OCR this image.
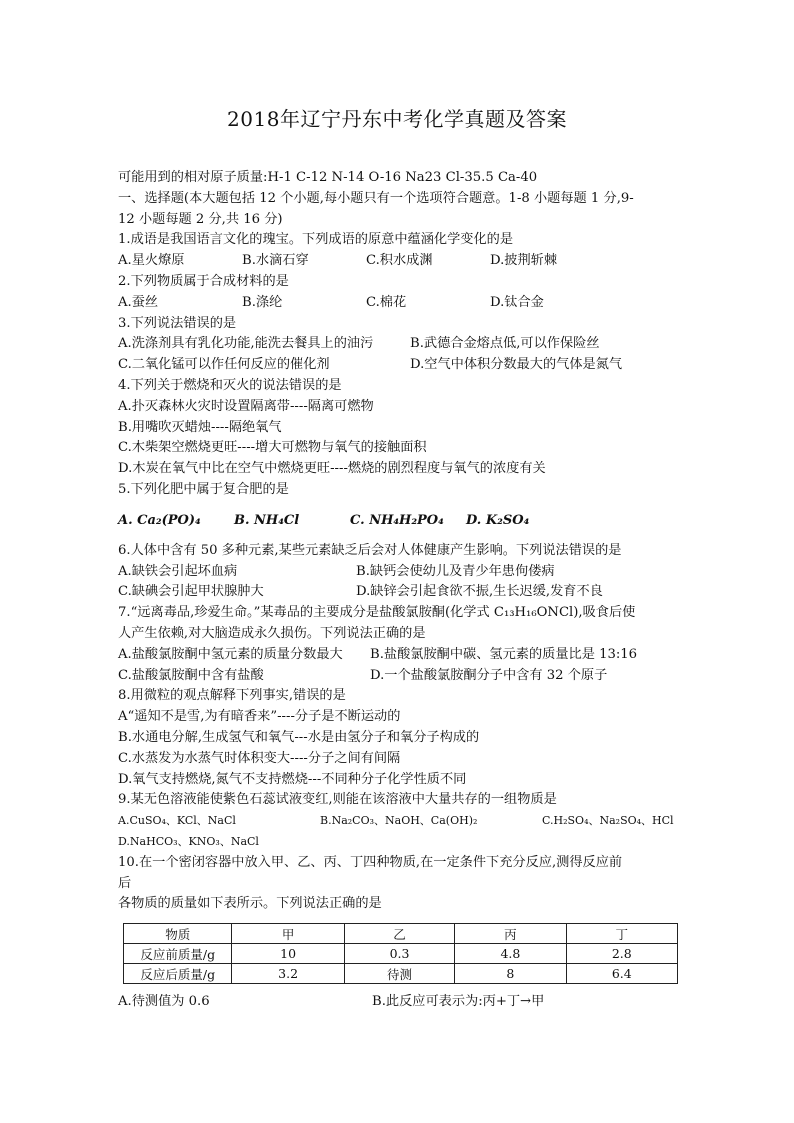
2018年辽宁丹东中考化学真题及答案
可能用到的相对原子质量:H-1 C-12 N-14 O-16 Na23 Cl-35.5 Ca-40
一、选择题(本大题包括 12 个小题,每小题只有一个选项符合题意。1-8 小题每题 1 分,9-
12 小题每题 2 分,共 16 分)
1.成语是我国语言文化的瑰宝。下列成语的原意中蕴涵化学变化的是
A.星火燎原	B.水滴石穿	C.积水成渊	D.披荆斩棘
2.下列物质属于合成材料的是
A.蚕丝	B.涤纶	C.棉花	D.钛合金
3.下列说法错误的是
A.洗涤剂具有乳化功能,能洗去餐具上的油污	B.武德合金熔点低,可以作保险丝
C.二氧化锰可以作任何反应的催化剂	D.空气中体积分数最大的气体是氮气
4.下列关于燃烧和灭火的说法错误的是
A.扑灭森林火灾时设置隔离带----隔离可燃物
B.用嘴吹灭蜡烛----隔绝氧气
C.木柴架空燃烧更旺----增大可燃物与氧气的接触面积
D.木炭在氧气中比在空气中燃烧更旺----燃烧的剧烈程度与氧气的浓度有关
5.下列化肥中属于复合肥的是
A. Ca₂(PO)₄	B. NH₄Cl	C. NH₄H₂PO₄ D. K₂SO₄
6.人体中含有 50 多种元素,某些元素缺乏后会对人体健康产生影响。下列说法错误的是
A.缺铁会引起坏血病	B.缺钙会使幼儿及青少年患佝偻病
C.缺碘会引起甲状腺肿大	D.缺锌会引起食欲不振,生长迟缓,发育不良
7.“远离毒品,珍爱生命。”某毒品的主要成分是盐酸氯胺酮(化学式 C₁₃H₁₆ONCl),吸食后使
人产生依赖,对大脑造成永久损伤。下列说法正确的是
A.盐酸氯胺酮中氢元素的质量分数最大 B.盐酸氯胺酮中碳、氢元素的质量比是 13:16
C.盐酸氯胺酮中含有盐酸	D.一个盐酸氯胺酮分子中含有 32 个原子
8.用微粒的观点解释下列事实,错误的是
A“遥知不是雪,为有暗香来”----分子是不断运动的
B.水通电分解,生成氢气和氧气---水是由氢分子和氧分子构成的
C.水蒸发为水蒸气时体积变大----分子之间有间隔
D.氧气支持燃烧,氮气不支持燃烧---不同种分子化学性质不同
9.某无色溶液能使紫色石蕊试液变红,则能在该溶液中大量共存的一组物质是
A.CuSO₄、KCl、NaCl	B.Na₂CO₃、NaOH、Ca(OH)₂	C.H₂SO₄、Na₂SO₄、HCl
D.NaHCO₃、KNO₃、NaCl
10.在一个密闭容器中放入甲、乙、丙、丁四种物质,在一定条件下充分反应,测得反应前
后
各物质的质量如下表所示。下列说法正确的是
物质	甲	乙	丙	丁
反应前质量/g	10	0.3	4.8	2.8
反应后质量/g	3.2	待测	8	6.4
A.待测值为 0.6	B.此反应可表示为:丙+丁→甲
